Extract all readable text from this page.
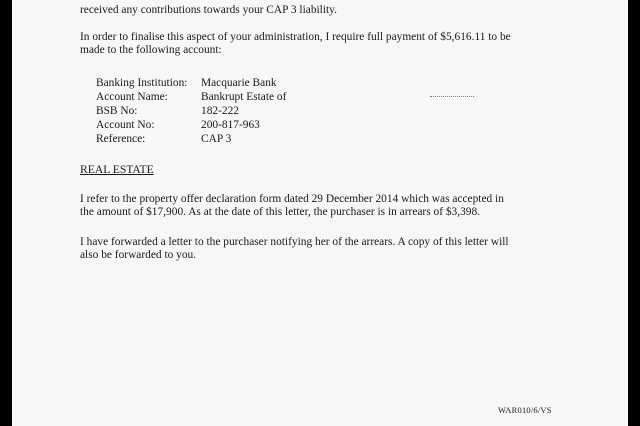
received any contributions towards your CAP 3 liability.
In order to finalise this aspect of your administration, I require full payment of $5,616.11 to be
made to the following account:
Banking Institution:	Macquarie Bank
Account Name:	Bankrupt Estate of
BSB No:	182-222
Account No:	200-817-963
Reference:	CAP 3
REAL ESTATE
I refer to the property offer declaration form dated 29 December 2014 which was accepted in
the amount of $17,900. As at the date of this letter, the purchaser is in arrears of $3,398.
I have forwarded a letter to the purchaser notifying her of the arrears. A copy of this letter will
also be forwarded to you.
WAR010/6/VS
